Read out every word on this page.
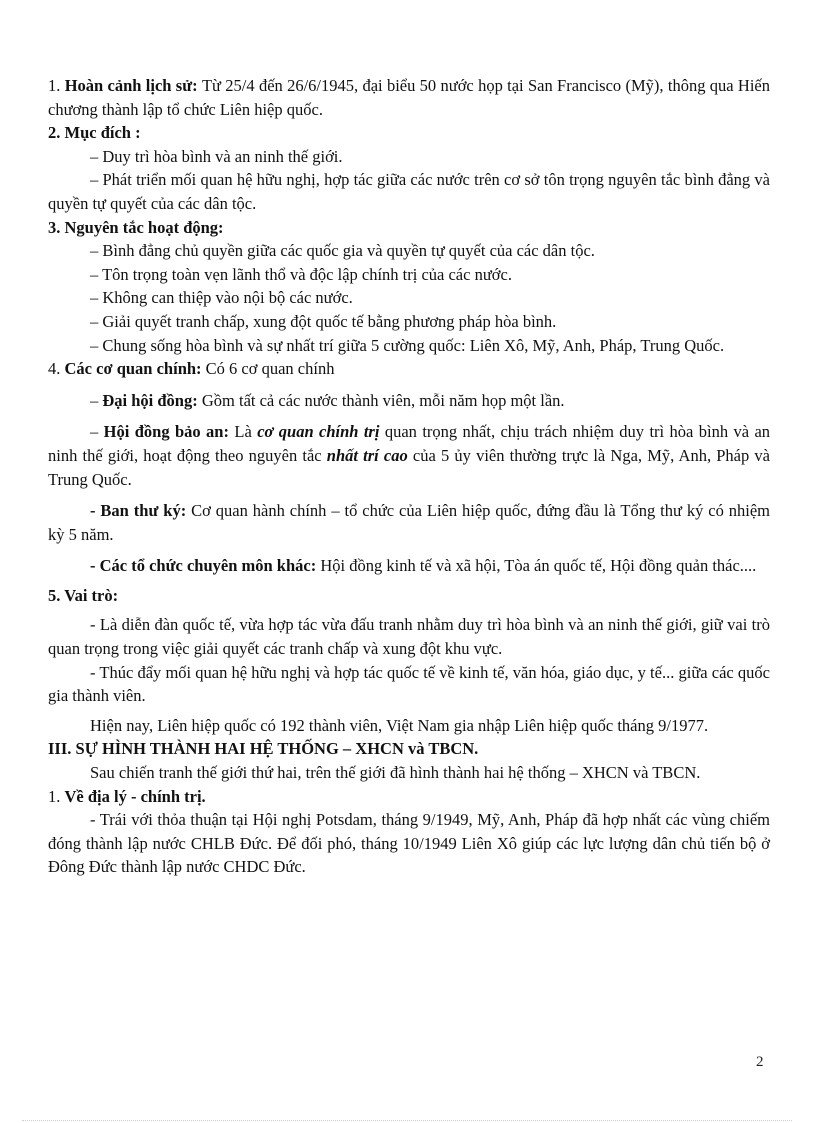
1. Hoàn cảnh lịch sử: Từ 25/4 đến 26/6/1945, đại biểu 50 nước họp tại San Francisco (Mỹ), thông qua Hiến chương thành lập tổ chức Liên hiệp quốc.

2. Mục đích :

– Duy trì hòa bình và an ninh thế giới.

– Phát triển mối quan hệ hữu nghị, hợp tác giữa các nước trên cơ sở tôn trọng nguyên tắc bình đẳng và quyền tự quyết của các dân tộc.

3. Nguyên tắc hoạt động:

– Bình đẳng chủ quyền giữa các quốc gia và quyền tự quyết của các dân tộc.

– Tôn trọng toàn vẹn lãnh thổ và độc lập chính trị của các nước.

– Không can thiệp vào nội bộ các nước.

– Giải quyết tranh chấp, xung đột quốc tế bằng phương pháp hòa bình.

– Chung sống hòa bình và sự nhất trí giữa 5 cường quốc: Liên Xô, Mỹ, Anh, Pháp, Trung Quốc.

4. Các cơ quan chính: Có 6 cơ quan chính

– Đại hội đồng: Gồm tất cả các nước thành viên, mỗi năm họp một lần.

– Hội đồng bảo an: Là cơ quan chính trị quan trọng nhất, chịu trách nhiệm duy trì hòa bình và an ninh thế giới, hoạt động theo nguyên tắc nhất trí cao của 5 ủy viên thường trực là Nga, Mỹ, Anh, Pháp và Trung Quốc.

- Ban thư ký: Cơ quan hành chính – tổ chức của Liên hiệp quốc, đứng đầu là Tổng thư ký có nhiệm kỳ 5 năm.

- Các tổ chức chuyên môn khác: Hội đồng kinh tế và xã hội, Tòa án quốc tế, Hội đồng quản thác....

5. Vai trò:

- Là diễn đàn quốc tế, vừa hợp tác vừa đấu tranh nhằm duy trì hòa bình và an ninh thế giới, giữ vai trò quan trọng trong việc giải quyết các tranh chấp và xung đột khu vực.

- Thúc đẩy mối quan hệ hữu nghị và hợp tác quốc tế về kinh tế, văn hóa, giáo dục, y tế... giữa các quốc gia thành viên.

Hiện nay, Liên hiệp quốc có 192 thành viên, Việt Nam gia nhập Liên hiệp quốc tháng 9/1977.

III. SỰ HÌNH THÀNH HAI HỆ THỐNG – XHCN và TBCN.

Sau chiến tranh thế giới thứ hai, trên thế giới đã hình thành hai hệ thống – XHCN và TBCN.

1. Về địa lý - chính trị.

- Trái với thỏa thuận tại Hội nghị Potsdam, tháng 9/1949, Mỹ, Anh, Pháp đã hợp nhất các vùng chiếm đóng thành lập nước CHLB Đức. Để đối phó, tháng 10/1949 Liên Xô giúp các lực lượng dân chủ tiến bộ ở Đông Đức thành lập nước CHDC Đức.

2
